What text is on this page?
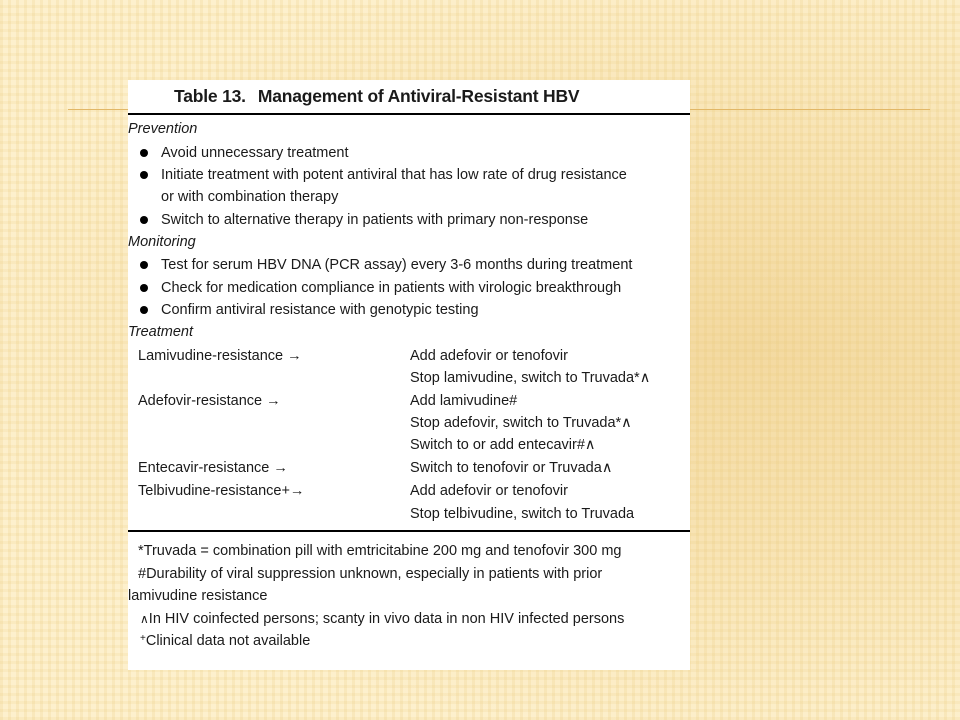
Table 13. Management of Antiviral-Resistant HBV
Prevention
Avoid unnecessary treatment
Initiate treatment with potent antiviral that has low rate of drug resistance
or with combination therapy
Switch to alternative therapy in patients with primary non-response
Monitoring
Test for serum HBV DNA (PCR assay) every 3-6 months during treatment
Check for medication compliance in patients with virologic breakthrough
Confirm antiviral resistance with genotypic testing
Treatment
Lamivudine-resistance →	Add adefovir or tenofovir
Stop lamivudine, switch to Truvada*∧
Adefovir-resistance →	Add lamivudine#
Stop adefovir, switch to Truvada*∧
Switch to or add entecavir#∧
Entecavir-resistance →	Switch to tenofovir or Truvada∧
Telbivudine-resistance+→	Add adefovir or tenofovir
Stop telbivudine, switch to Truvada
*Truvada = combination pill with emtricitabine 200 mg and tenofovir 300 mg
#Durability of viral suppression unknown, especially in patients with prior
lamivudine resistance
∧In HIV coinfected persons; scanty in vivo data in non HIV infected persons
+Clinical data not available
